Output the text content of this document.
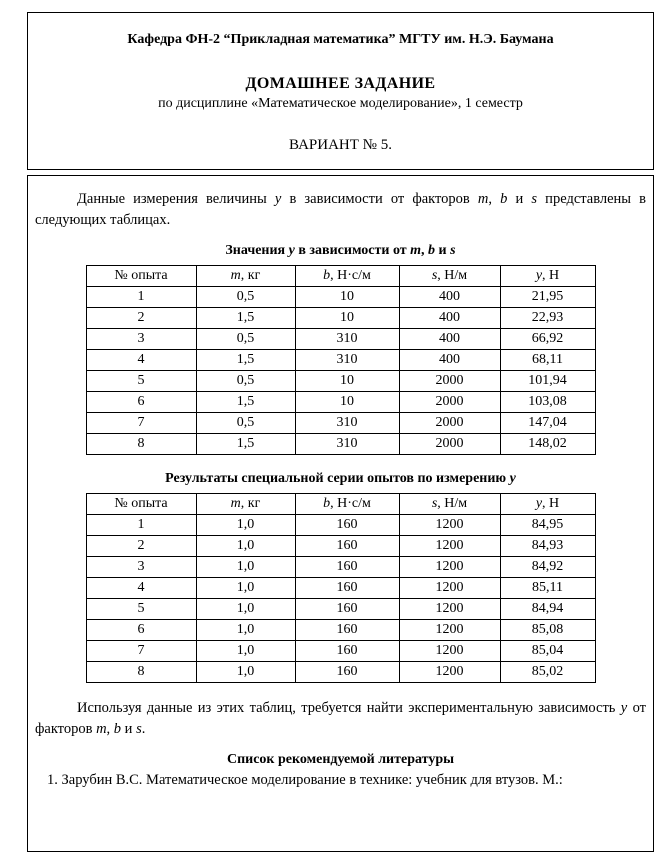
Кафедра ФН-2 “Прикладная математика” МГТУ им. Н.Э. Баумана

ДОМАШНЕЕ ЗАДАНИЕ

по дисциплине «Математическое моделирование», 1 семестр

ВАРИАНТ № 5.

Данные измерения величины y в зависимости от факторов m, b и s представлены в следующих таблицах.

Значения y в зависимости от m, b и s

№ опыта	m, кг	b, Н·с/м	s, Н/м	y, Н
1	0,5	10	400	21,95
2	1,5	10	400	22,93
3	0,5	310	400	66,92
4	1,5	310	400	68,11
5	0,5	10	2000	101,94
6	1,5	10	2000	103,08
7	0,5	310	2000	147,04
8	1,5	310	2000	148,02

Результаты специальной серии опытов по измерению y

№ опыта	m, кг	b, Н·с/м	s, Н/м	y, Н
1	1,0	160	1200	84,95
2	1,0	160	1200	84,93
3	1,0	160	1200	84,92
4	1,0	160	1200	85,11
5	1,0	160	1200	84,94
6	1,0	160	1200	85,08
7	1,0	160	1200	85,04
8	1,0	160	1200	85,02

Используя данные из этих таблиц, требуется найти экспериментальную зависимость y от факторов m, b и s.

Список рекомендуемой литературы

1. Зарубин В.С. Математическое моделирование в технике: учебник для втузов. М.:
